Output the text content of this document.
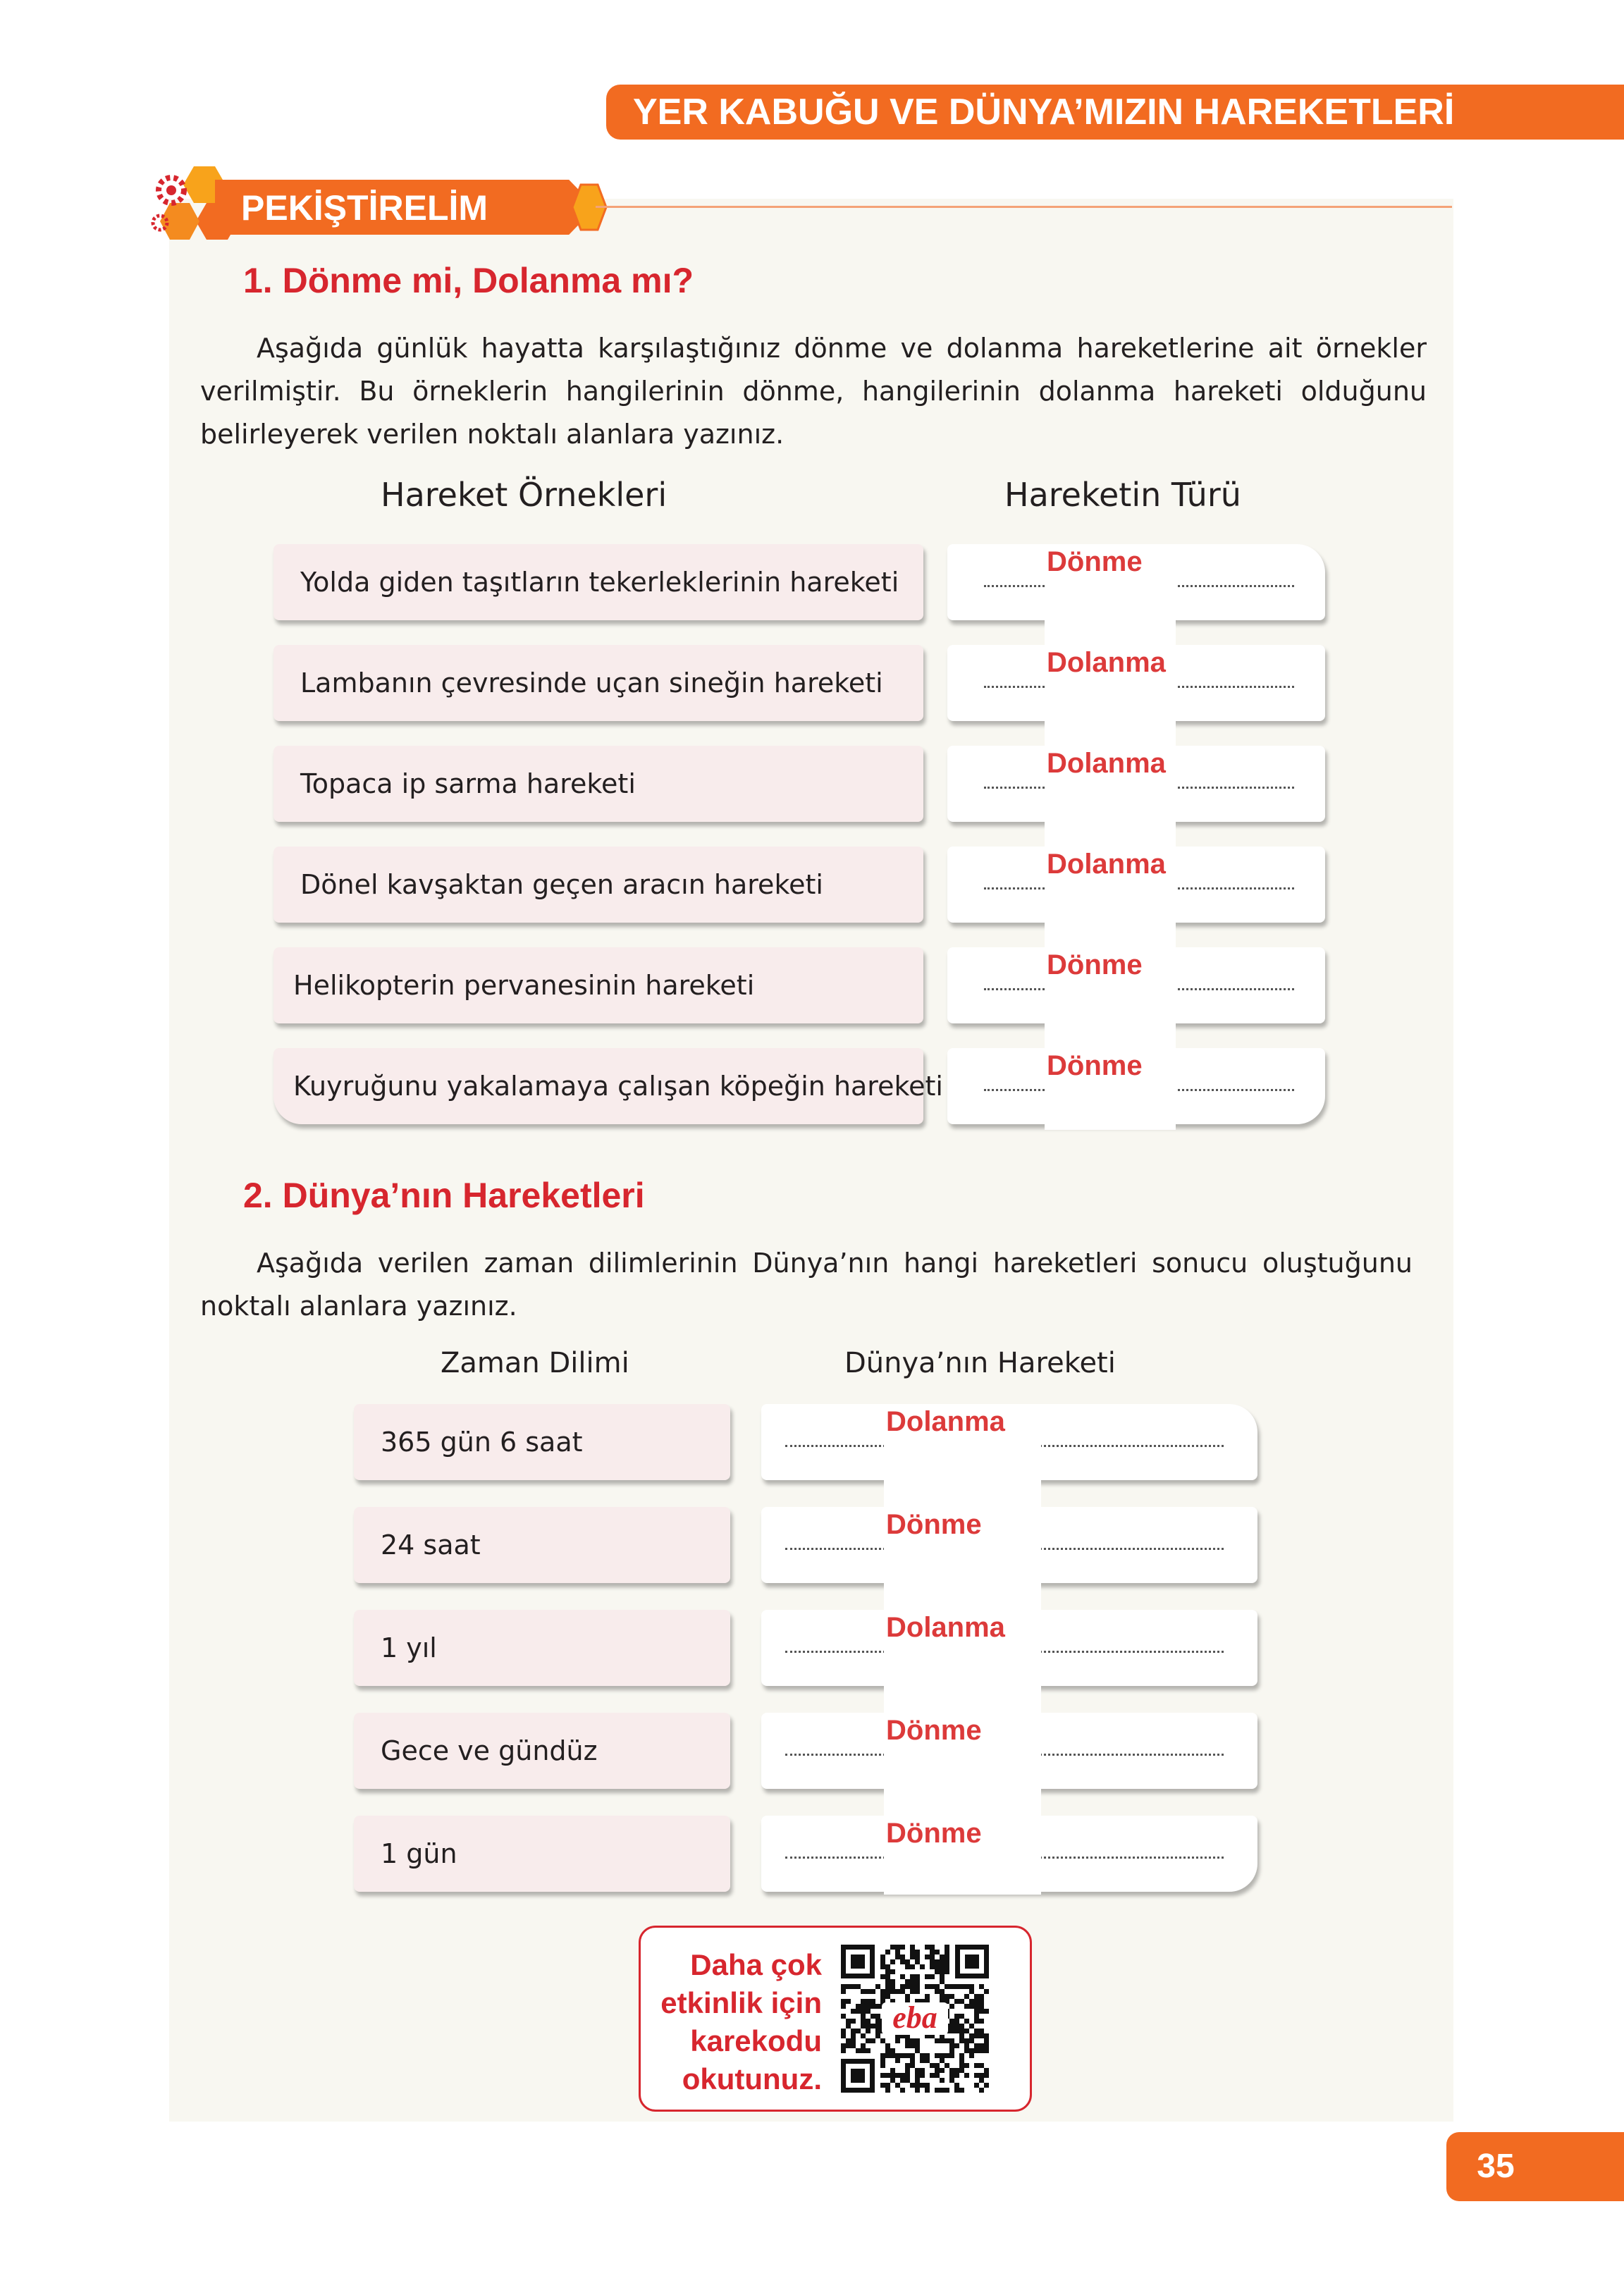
YER KABUĞU VE DÜNYA’MIZIN HAREKETLERİ
PEKİŞTİRELİM
1. Dönme mi, Dolanma mı?
Aşağıda günlük hayatta karşılaştığınız dönme ve dolanma hareketlerine ait örnekler verilmiştir. Bu örneklerin hangilerinin dönme, hangilerinin dolanma hareketi olduğunu belirleyerek verilen noktalı alanlara yazınız.
Hareket Örnekleri	Hareketin Türü
Yolda giden taşıtların tekerleklerinin hareketi
Dönme
Lambanın çevresinde uçan sineğin hareketi
Dolanma
Topaca ip sarma hareketi
Dolanma
Dönel kavşaktan geçen aracın hareketi
Dolanma
Helikopterin pervanesinin hareketi
Dönme
Kuyruğunu yakalamaya çalışan köpeğin hareketi
Dönme
2. Dünya’nın Hareketleri
Aşağıda verilen zaman dilimlerinin Dünya’nın hangi hareketleri sonucu oluştuğunu noktalı alanlara yazınız.
Zaman Dilimi	Dünya’nın Hareketi
365 gün 6 saat
Dolanma
24 saat
Dönme
1 yıl
Dolanma
Gece ve gündüz
Dönme
1 gün
Dönme
Daha çok
etkinlik için
karekodu
okutunuz.
eba
35
